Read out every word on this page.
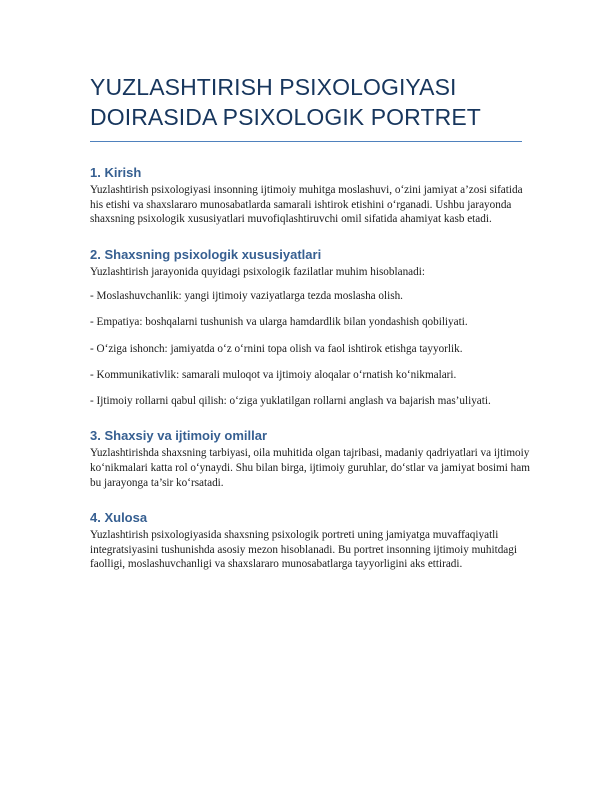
YUZLASHTIRISH PSIXOLOGIYASI DOIRASIDA PSIXOLOGIK PORTRET
1. Kirish

Yuzlashtirish psixologiyasi insonning ijtimoiy muhitga moslashuvi, o‘zini jamiyat a’zosi sifatida his etishi va shaxslararo munosabatlarda samarali ishtirok etishini o‘rganadi. Ushbu jarayonda shaxsning psixologik xususiyatlari muvofiqlashtiruvchi omil sifatida ahamiyat kasb etadi.

2. Shaxsning psixologik xususiyatlari

Yuzlashtirish jarayonida quyidagi psixologik fazilatlar muhim hisoblanadi:

- Moslashuvchanlik: yangi ijtimoiy vaziyatlarga tezda moslasha olish.

- Empatiya: boshqalarni tushunish va ularga hamdardlik bilan yondashish qobiliyati.

- O‘ziga ishonch: jamiyatda o‘z o‘rnini topa olish va faol ishtirok etishga tayyorlik.

- Kommunikativlik: samarali muloqot va ijtimoiy aloqalar o‘rnatish ko‘nikmalari.

- Ijtimoiy rollarni qabul qilish: o‘ziga yuklatilgan rollarni anglash va bajarish mas’uliyati.

3. Shaxsiy va ijtimoiy omillar

Yuzlashtirishda shaxsning tarbiyasi, oila muhitida olgan tajribasi, madaniy qadriyatlari va ijtimoiy ko‘nikmalari katta rol o‘ynaydi. Shu bilan birga, ijtimoiy guruhlar, do‘stlar va jamiyat bosimi ham bu jarayonga ta’sir ko‘rsatadi.

4. Xulosa

Yuzlashtirish psixologiyasida shaxsning psixologik portreti uning jamiyatga muvaffaqiyatli integratsiyasini tushunishda asosiy mezon hisoblanadi. Bu portret insonning ijtimoiy muhitdagi faolligi, moslashuvchanligi va shaxslararo munosabatlarga tayyorligini aks ettiradi.
